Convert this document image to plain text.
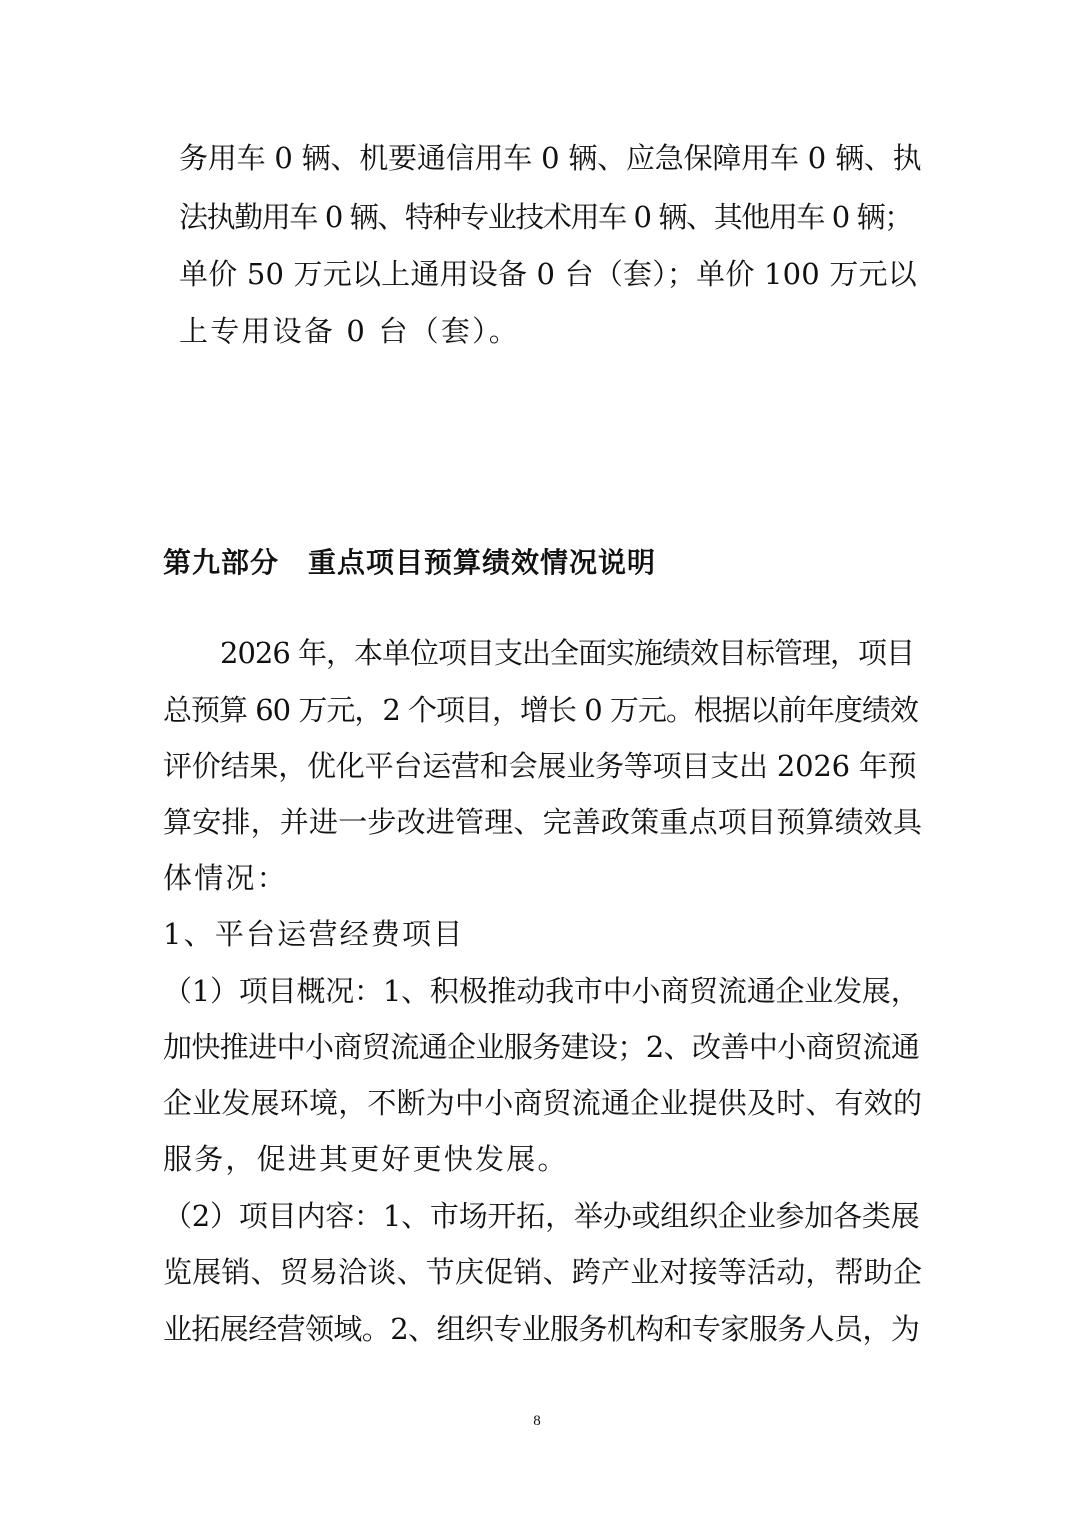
务用车 0 辆、机要通信用车 0 辆、应急保障用车 0 辆、执
法执勤用车 0 辆、特种专业技术用车 0 辆、其他用车 0 辆；
单价 50 万元以上通用设备 0 台（套）；单价 100 万元以
上专用设备 0 台（套）。
第九部分　重点项目预算绩效情况说明
2026 年，本单位项目支出全面实施绩效目标管理，项目
总预算 60 万元，2 个项目，增长 0 万元。根据以前年度绩效
评价结果，优化平台运营和会展业务等项目支出 2026 年预
算安排，并进一步改进管理、完善政策重点项目预算绩效具
体情况：
1、平台运营经费项目
（1）项目概况：1、积极推动我市中小商贸流通企业发展，
加快推进中小商贸流通企业服务建设；2、改善中小商贸流通
企业发展环境，不断为中小商贸流通企业提供及时、有效的
服务，促进其更好更快发展。
（2）项目内容：1、市场开拓，举办或组织企业参加各类展
览展销、贸易洽谈、节庆促销、跨产业对接等活动，帮助企
业拓展经营领域。2、组织专业服务机构和专家服务人员，为
8
